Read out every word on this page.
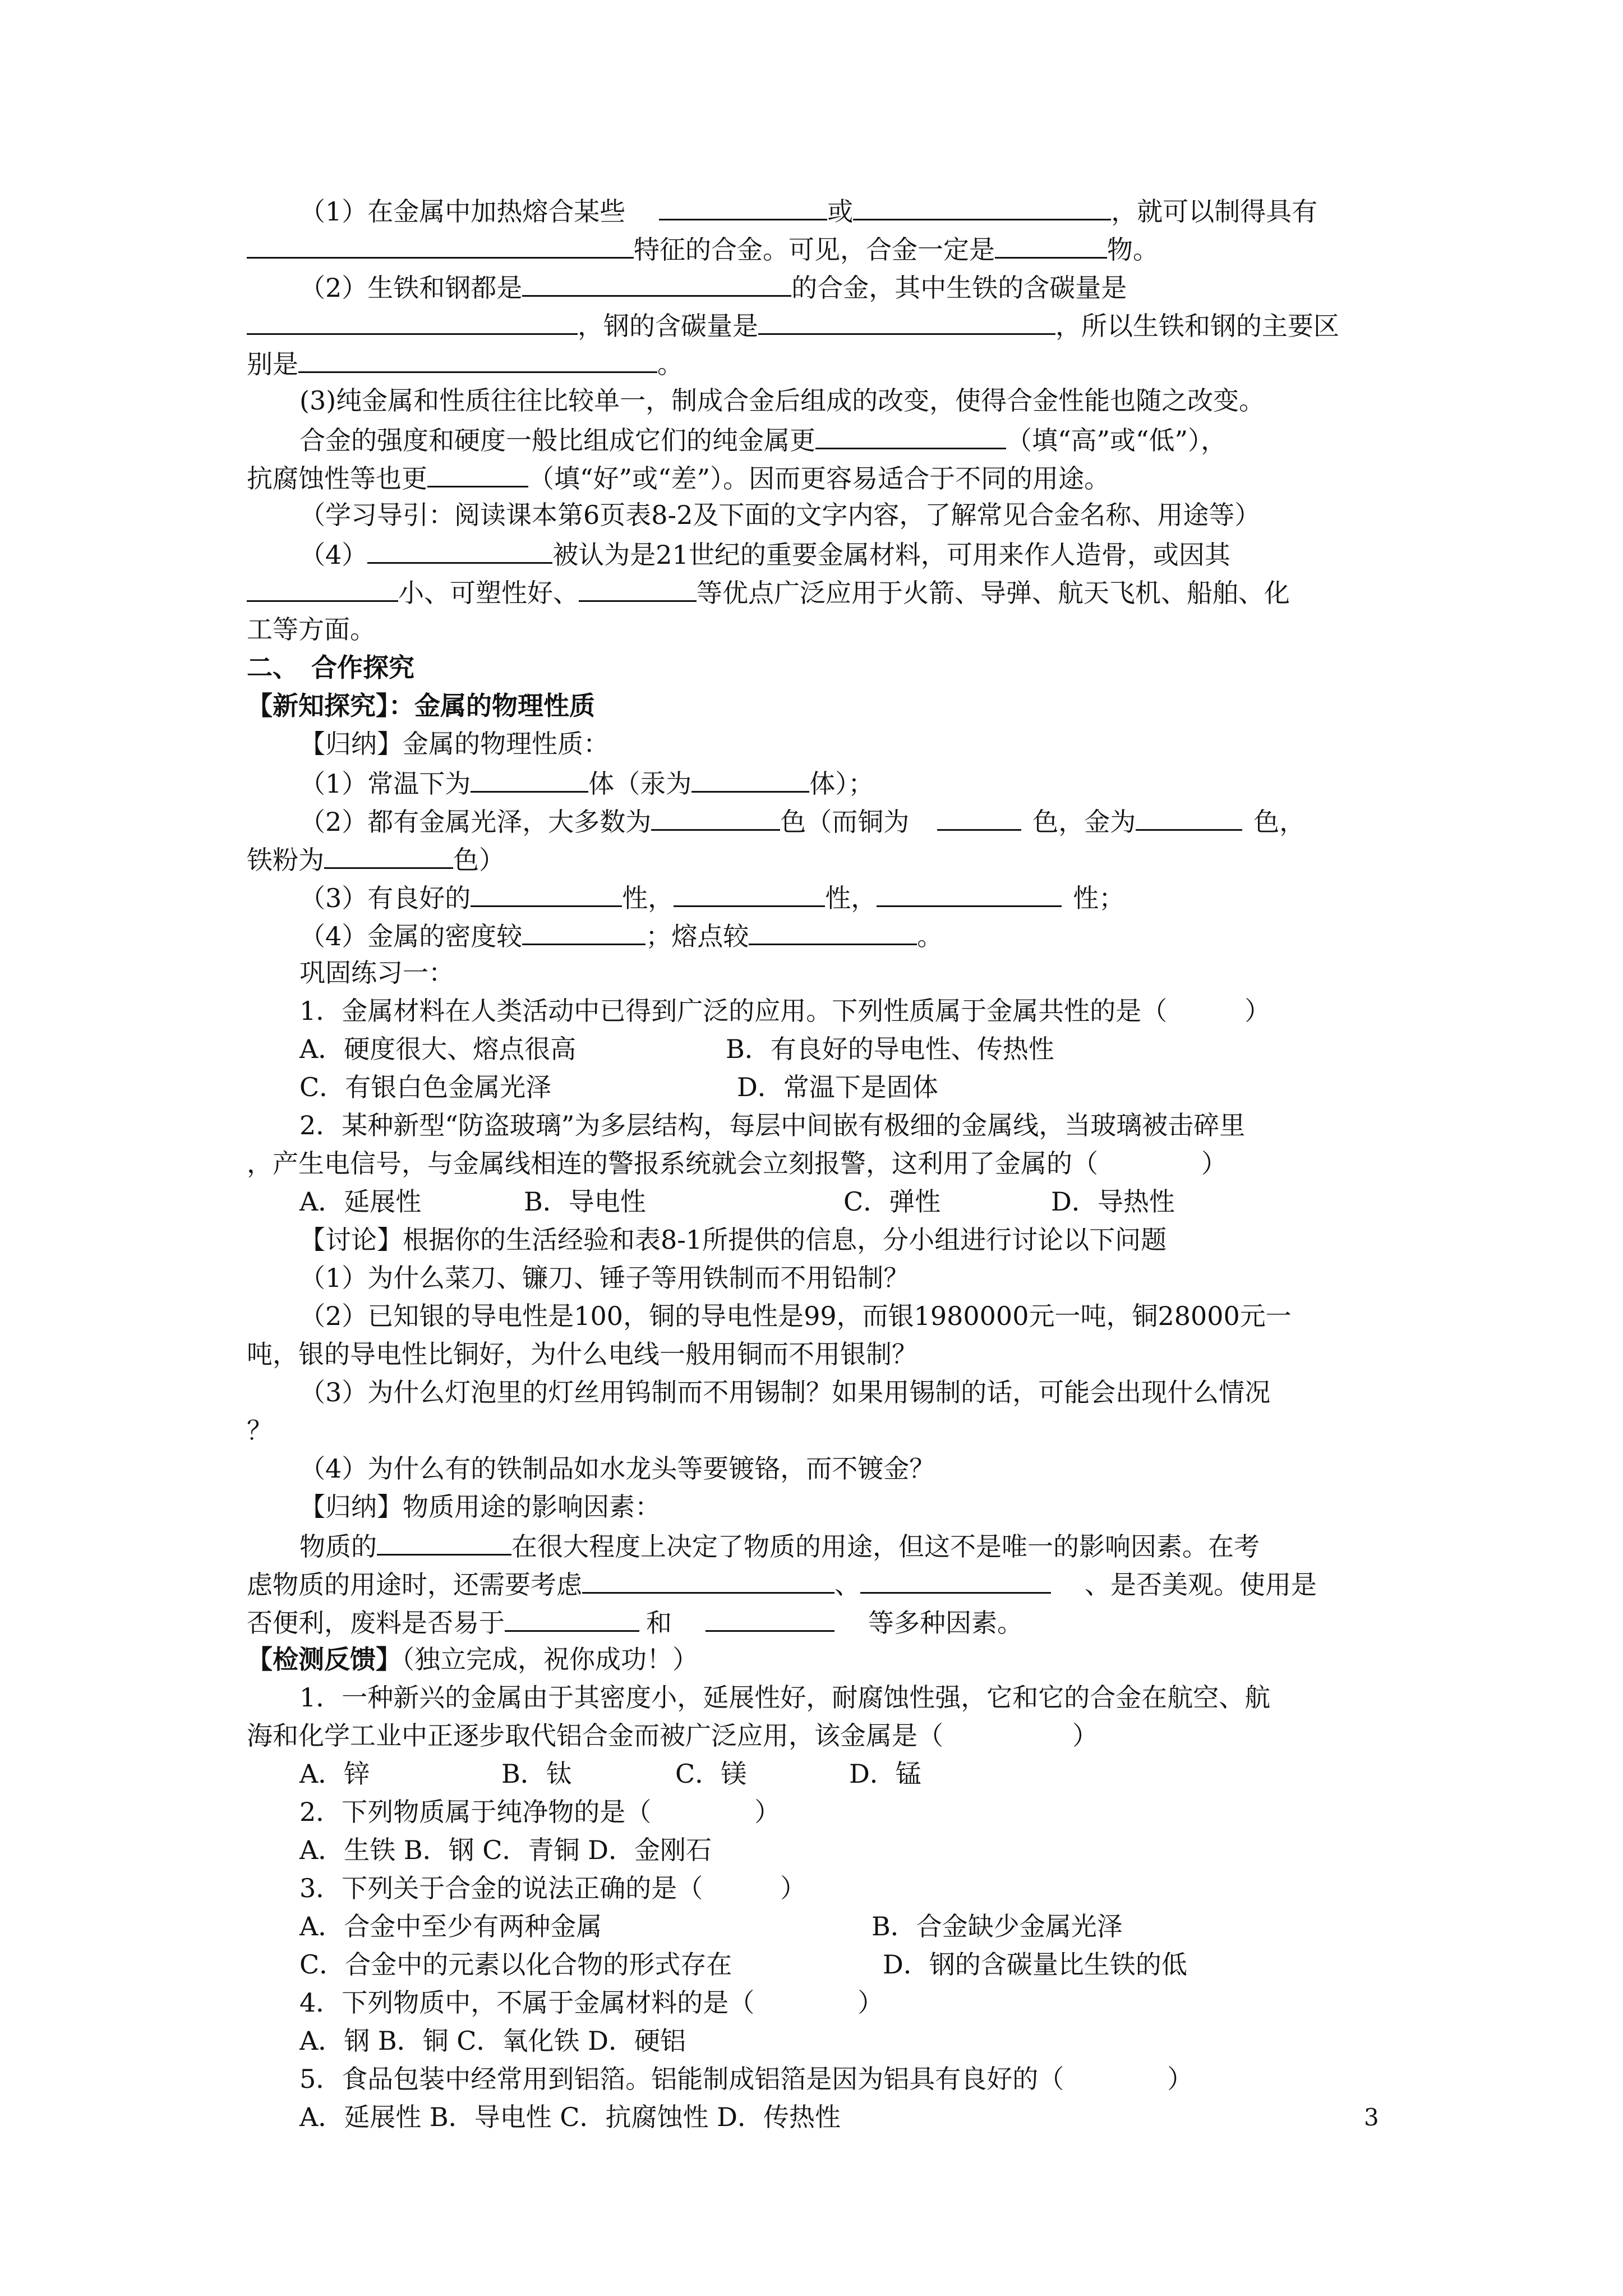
（1）在金属中加热熔合某些	或	，就可以制得具有
特征的合金。可见，合金一定是	物。
（2）生铁和钢都是	的合金，其中生铁的含碳量是
，钢的含碳量是	，所以生铁和钢的主要区
别是	。
(3)纯金属和性质往往比较单一，制成合金后组成的改变，使得合金性能也随之改变。
合金的强度和硬度一般比组成它们的纯金属更	（填“高”或“低”），
抗腐蚀性等也更	（填“好”或“差”）。因而更容易适合于不同的用途。
（学习导引：阅读课本第6页表8-2及下面的文字内容，了解常见合金名称、用途等）
（4）	被认为是21世纪的重要金属材料，可用来作人造骨，或因其
小、可塑性好、	等优点广泛应用于火箭、导弹、航天飞机、船舶、化
工等方面。
二、　合作探究
【新知探究】：金属的物理性质
【归纳】金属的物理性质：
（1）常温下为	体（汞为	体）；
（2）都有金属光泽，大多数为	色（而铜为	色，金为	色，
铁粉为	色）
（3）有良好的	性，	性，	性；
（4）金属的密度较	；熔点较	。
巩固练习一：
1．金属材料在人类活动中已得到广泛的应用。下列性质属于金属共性的是（　　　）
A．硬度很大、熔点很高	B．有良好的导电性、传热性
C．有银白色金属光泽	D．常温下是固体
2．某种新型“防盗玻璃”为多层结构，每层中间嵌有极细的金属线，当玻璃被击碎里
，产生电信号，与金属线相连的警报系统就会立刻报警，这利用了金属的（　　　　）
A．延展性	B．导电性	C．弹性	D．导热性
【讨论】根据你的生活经验和表8-1所提供的信息，分小组进行讨论以下问题
（1）为什么菜刀、镰刀、锤子等用铁制而不用铅制？
（2）已知银的导电性是100，铜的导电性是99，而银1980000元一吨，铜28000元一
吨，银的导电性比铜好，为什么电线一般用铜而不用银制？
（3）为什么灯泡里的灯丝用钨制而不用锡制？如果用锡制的话，可能会出现什么情况
？
（4）为什么有的铁制品如水龙头等要镀铬，而不镀金？
【归纳】物质用途的影响因素：
物质的	在很大程度上决定了物质的用途，但这不是唯一的影响因素。在考
虑物质的用途时，还需要考虑	、	、是否美观。使用是
否便利，废料是否易于	和	等多种因素。
【检测反馈】（独立完成，祝你成功！）
1．一种新兴的金属由于其密度小，延展性好，耐腐蚀性强，它和它的合金在航空、航
海和化学工业中正逐步取代铝合金而被广泛应用，该金属是（　　　　　）
A．锌	B．钛	C．镁	D．锰
2．下列物质属于纯净物的是（　　　　）
A．生铁 B．钢 C．青铜 D．金刚石
3．下列关于合金的说法正确的是（　　　）
A．合金中至少有两种金属	B．合金缺少金属光泽
C．合金中的元素以化合物的形式存在	D．钢的含碳量比生铁的低
4．下列物质中，不属于金属材料的是（　　　　）
A．钢 B．铜 C．氧化铁 D．硬铝
5．食品包装中经常用到铝箔。铝能制成铝箔是因为铝具有良好的（　　　　）
A．延展性 B．导电性 C．抗腐蚀性 D．传热性	3
